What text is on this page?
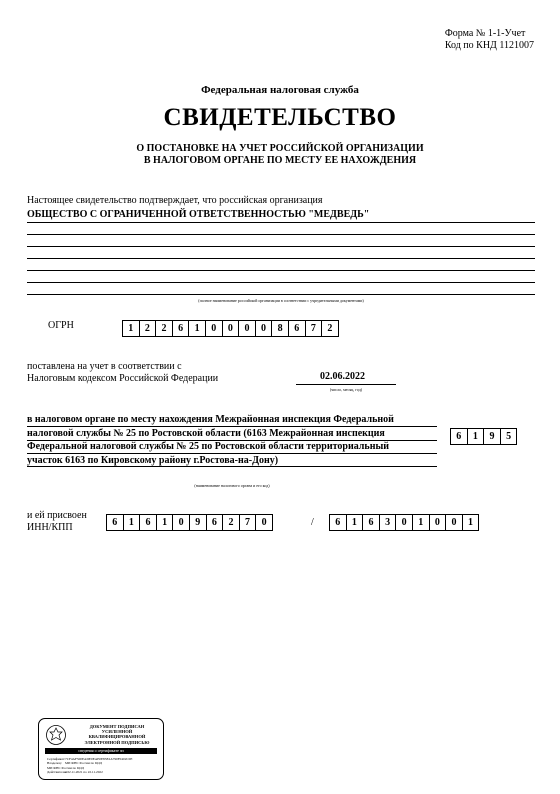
Форма № 1-1-Учет
Код по КНД 1121007
Федеральная налоговая служба
СВИДЕТЕЛЬСТВО
О ПОСТАНОВКЕ НА УЧЕТ РОССИЙСКОЙ ОРГАНИЗАЦИИ
В НАЛОГОВОМ ОРГАНЕ ПО МЕСТУ ЕЕ НАХОЖДЕНИЯ
Настоящее свидетельство подтверждает, что российская организация
ОБЩЕСТВО С ОГРАНИЧЕННОЙ ОТВЕТСТВЕННОСТЬЮ "МЕДВЕДЬ"
(полное наименование российской организации в соответствии с учредительными документами)
ОГРН	1	2	2	6	1	0	0	0	0	8	6	7	2
поставлена на учет в соответствии с
Налоговым кодексом Российской Федерации	02.06.2022
(число, месяц, год)
в налоговом органе по месту нахождения Межрайонная инспекция Федеральной
налоговой службы № 25 по Ростовской области (6163 Межрайонная инспекция
Федеральной налоговой службы № 25 по Ростовской области территориальный
участок 6163 по Кировскому району г.Ростова-на-Дону)
(наименование налогового органа и его код)
6	1	9	5
и ей присвоен
ИНН/КПП	6	1	6	1	0	9	6	2	7	0	/	6	1	6	3	0	1	0	0	1
ДОКУМЕНТ ПОДПИСАН
УСИЛЕННОЙ КВАЛИФИЦИРОВАННОЙ
ЭЛЕКТРОННОЙ ПОДПИСЬЮ
сведения о сертификате эп
Сертификат:7CF4AF500EADE0EAE0E83E2A790F0402C0E
Владелец: МИ ФНС России по ЦОД
МИ ФНС России по ЦОД
Действителен:с 22.11.2021 по 22.11.2022
